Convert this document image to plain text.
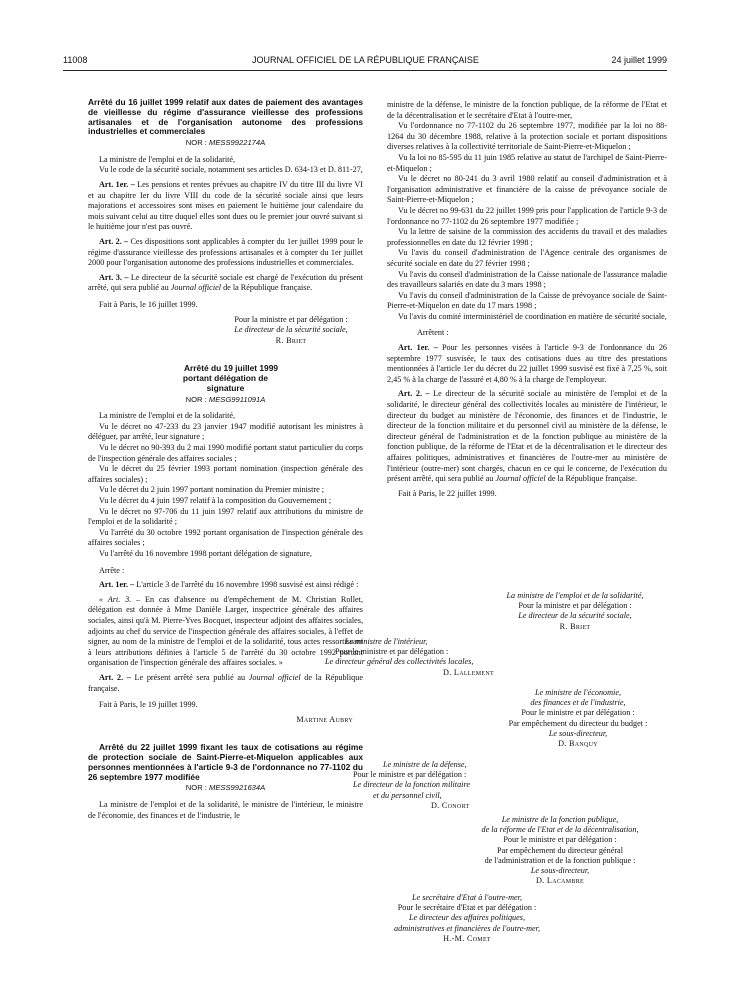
11008	JOURNAL OFFICIEL DE LA RÉPUBLIQUE FRANÇAISE	24 juillet 1999

Arrêté du 16 juillet 1999 relatif aux dates de paiement des avantages de vieillesse du régime d'assurance vieillesse des professions artisanales et de l'organisation autonome des professions industrielles et commerciales

NOR : MESS9922174A

La ministre de l'emploi et de la solidarité,

Vu le code de la sécurité sociale, notamment ses articles D. 634-13 et D. 811-27,

Art. 1er. – Les pensions et rentes prévues au chapitre IV du titre III du livre VI et au chapitre Ier du livre VIII du code de la sécurité sociale ainsi que leurs majorations et accessoires sont mises en paiement le huitième jour calendaire du mois suivant celui au titre duquel elles sont dues ou le premier jour ouvré suivant si le huitième jour n'est pas ouvré.

Art. 2. – Ces dispositions sont applicables à compter du 1er juillet 1999 pour le régime d'assurance vieillesse des professions artisanales et à compter du 1er juillet 2000 pour l'organisation autonome des professions industrielles et commerciales.

Art. 3. – Le directeur de la sécurité sociale est chargé de l'exécution du présent arrêté, qui sera publié au Journal officiel de la République française.

Fait à Paris, le 16 juillet 1999.

Pour la ministre et par délégation :

Le directeur de la sécurité sociale,

R. Briet

Arrêté du 19 juillet 1999 portant délégation de signature

NOR : MESG9911091A

La ministre de l'emploi et de la solidarité,

Vu le décret no 47-233 du 23 janvier 1947 modifié autorisant les ministres à déléguer, par arrêté, leur signature ;

Vu le décret no 90-393 du 2 mai 1990 modifié portant statut particulier du corps de l'inspection générale des affaires sociales ;

Vu le décret du 25 février 1993 portant nomination (inspection générale des affaires sociales) ;

Vu le décret du 2 juin 1997 portant nomination du Premier ministre ;

Vu le décret du 4 juin 1997 relatif à la composition du Gouvernement ;

Vu le décret no 97-706 du 11 juin 1997 relatif aux attributions du ministre de l'emploi et de la solidarité ;

Vu l'arrêté du 30 octobre 1992 portant organisation de l'inspection générale des affaires sociales ;

Vu l'arrêté du 16 novembre 1998 portant délégation de signature,

Arrête :

Art. 1er. – L'article 3 de l'arrêté du 16 novembre 1998 susvisé est ainsi rédigé :

« Art. 3. – En cas d'absence ou d'empêchement de M. Christian Rollet, délégation est donnée à Mme Danièle Larger, inspectrice générale des affaires sociales, ainsi qu'à M. Pierre-Yves Bocquet, inspecteur adjoint des affaires sociales, adjoints au chef du service de l'inspection générale des affaires sociales, à l'effet de signer, au nom de la ministre de l'emploi et de la solidarité, tous actes ressortissant à leurs attributions définies à l'article 5 de l'arrêté du 30 octobre 1992 portant organisation de l'inspection générale des affaires sociales. »

Art. 2. – Le présent arrêté sera publié au Journal officiel de la République française.

Fait à Paris, le 19 juillet 1999.

Martine Aubry

Arrêté du 22 juillet 1999 fixant les taux de cotisations au régime de protection sociale de Saint-Pierre-et-Miquelon applicables aux personnes mentionnées à l'article 9-3 de l'ordonnance no 77-1102 du 26 septembre 1977 modifiée

NOR : MESS9921634A

La ministre de l'emploi et de la solidarité, le ministre de l'intérieur, le ministre de l'économie, des finances et de l'industrie, le

ministre de la défense, le ministre de la fonction publique, de la réforme de l'Etat et de la décentralisation et le secrétaire d'Etat à l'outre-mer,

Vu l'ordonnance no 77-1102 du 26 septembre 1977, modifiée par la loi no 88-1264 du 30 décembre 1988, relative à la protection sociale et portant dispositions diverses relatives à la collectivité territoriale de Saint-Pierre-et-Miquelon ;

Vu la loi no 85-595 du 11 juin 1985 relative au statut de l'archipel de Saint-Pierre-et-Miquelon ;

Vu le décret no 80-241 du 3 avril 1980 relatif au conseil d'administration et à l'organisation administrative et financière de la caisse de prévoyance sociale de Saint-Pierre-et-Miquelon ;

Vu le décret no 99-631 du 22 juillet 1999 pris pour l'application de l'article 9-3 de l'ordonnance no 77-1102 du 26 septembre 1977 modifiée ;

Vu la lettre de saisine de la commission des accidents du travail et des maladies professionnelles en date du 12 février 1998 ;

Vu l'avis du conseil d'administration de l'Agence centrale des organismes de sécurité sociale en date du 27 février 1998 ;

Vu l'avis du conseil d'administration de la Caisse nationale de l'assurance maladie des travailleurs salariés en date du 3 mars 1998 ;

Vu l'avis du conseil d'administration de la Caisse de prévoyance sociale de Saint-Pierre-et-Miquelon en date du 17 mars 1998 ;

Vu l'avis du comité interministériel de coordination en matière de sécurité sociale,

Arrêtent :

Art. 1er. – Pour les personnes visées à l'article 9-3 de l'ordonnance du 26 septembre 1977 susvisée, le taux des cotisations dues au titre des prestations mentionnées à l'article 1er du décret du 22 juillet 1999 susvisé est fixé à 7,25 %, soit 2,45 % à la charge de l'assuré et 4,80 % à la charge de l'employeur.

Art. 2. – Le directeur de la sécurité sociale au ministère de l'emploi et de la solidarité, le directeur général des collectivités locales au ministère de l'intérieur, le directeur du budget au ministère de l'économie, des finances et de l'industrie, le directeur de la fonction militaire et du personnel civil au ministère de la défense, le directeur général de l'administration et de la fonction publique au ministère de la fonction publique, de la réforme de l'Etat et de la décentralisation et le directeur des affaires politiques, administratives et financières de l'outre-mer au ministère de l'intérieur (outre-mer) sont chargés, chacun en ce qui le concerne, de l'exécution du présent arrêté, qui sera publié au Journal officiel de la République française.

Fait à Paris, le 22 juillet 1999.

La ministre de l'emploi et de la solidarité,
Pour la ministre et par délégation :
Le directeur de la sécurité sociale,
R. Briet
Le ministre de l'intérieur,
Pour le ministre et par délégation :
Le directeur général des collectivités locales,
D. Lallement
Le ministre de l'économie,
des finances et de l'industrie,
Pour le ministre et par délégation :
Par empêchement du directeur du budget :
Le sous-directeur,
D. Banquy
Le ministre de la défense,
Pour le ministre et par délégation :
Le directeur de la fonction militaire
et du personnel civil,
D. Conort
Le ministre de la fonction publique,
de la réforme de l'Etat et de la décentralisation,
Pour le ministre et par délégation :
Par empêchement du directeur général
de l'administration et de la fonction publique :
Le sous-directeur,
D. Lacambre
Le secrétaire d'Etat à l'outre-mer,
Pour le secrétaire d'Etat et par délégation :
Le directeur des affaires politiques,
administratives et financières de l'outre-mer,
H.-M. Comet
